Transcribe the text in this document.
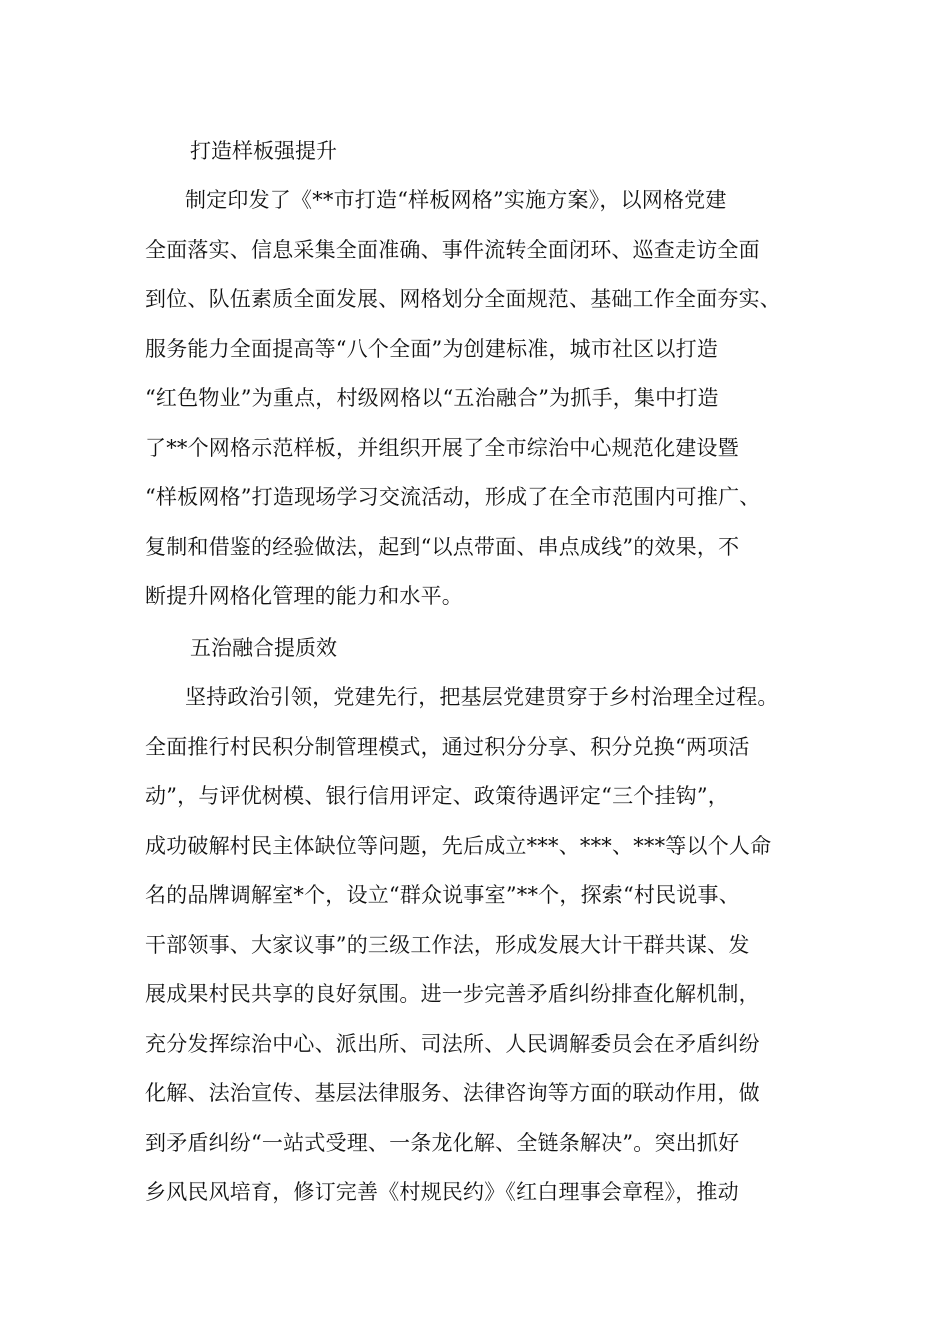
打造样板强提升
制定印发了《**市打造“样板网格”实施方案》，以网格党建
全面落实、信息采集全面准确、事件流转全面闭环、巡查走访全面
到位、队伍素质全面发展、网格划分全面规范、基础工作全面夯实、
服务能力全面提高等“八个全面”为创建标准，城市社区以打造
“红色物业”为重点，村级网格以“五治融合”为抓手，集中打造
了**个网格示范样板，并组织开展了全市综治中心规范化建设暨
“样板网格”打造现场学习交流活动，形成了在全市范围内可推广、
复制和借鉴的经验做法，起到“以点带面、串点成线”的效果，不
断提升网格化管理的能力和水平。
五治融合提质效
坚持政治引领，党建先行，把基层党建贯穿于乡村治理全过程。
全面推行村民积分制管理模式，通过积分分享、积分兑换“两项活
动”，与评优树模、银行信用评定、政策待遇评定“三个挂钩”，
成功破解村民主体缺位等问题，先后成立***、***、***等以个人命
名的品牌调解室*个，设立“群众说事室”**个，探索“村民说事、
干部领事、大家议事”的三级工作法，形成发展大计干群共谋、发
展成果村民共享的良好氛围。进一步完善矛盾纠纷排查化解机制，
充分发挥综治中心、派出所、司法所、人民调解委员会在矛盾纠纷
化解、法治宣传、基层法律服务、法律咨询等方面的联动作用，做
到矛盾纠纷“一站式受理、一条龙化解、全链条解决”。突出抓好
乡风民风培育，修订完善《村规民约》《红白理事会章程》，推动
